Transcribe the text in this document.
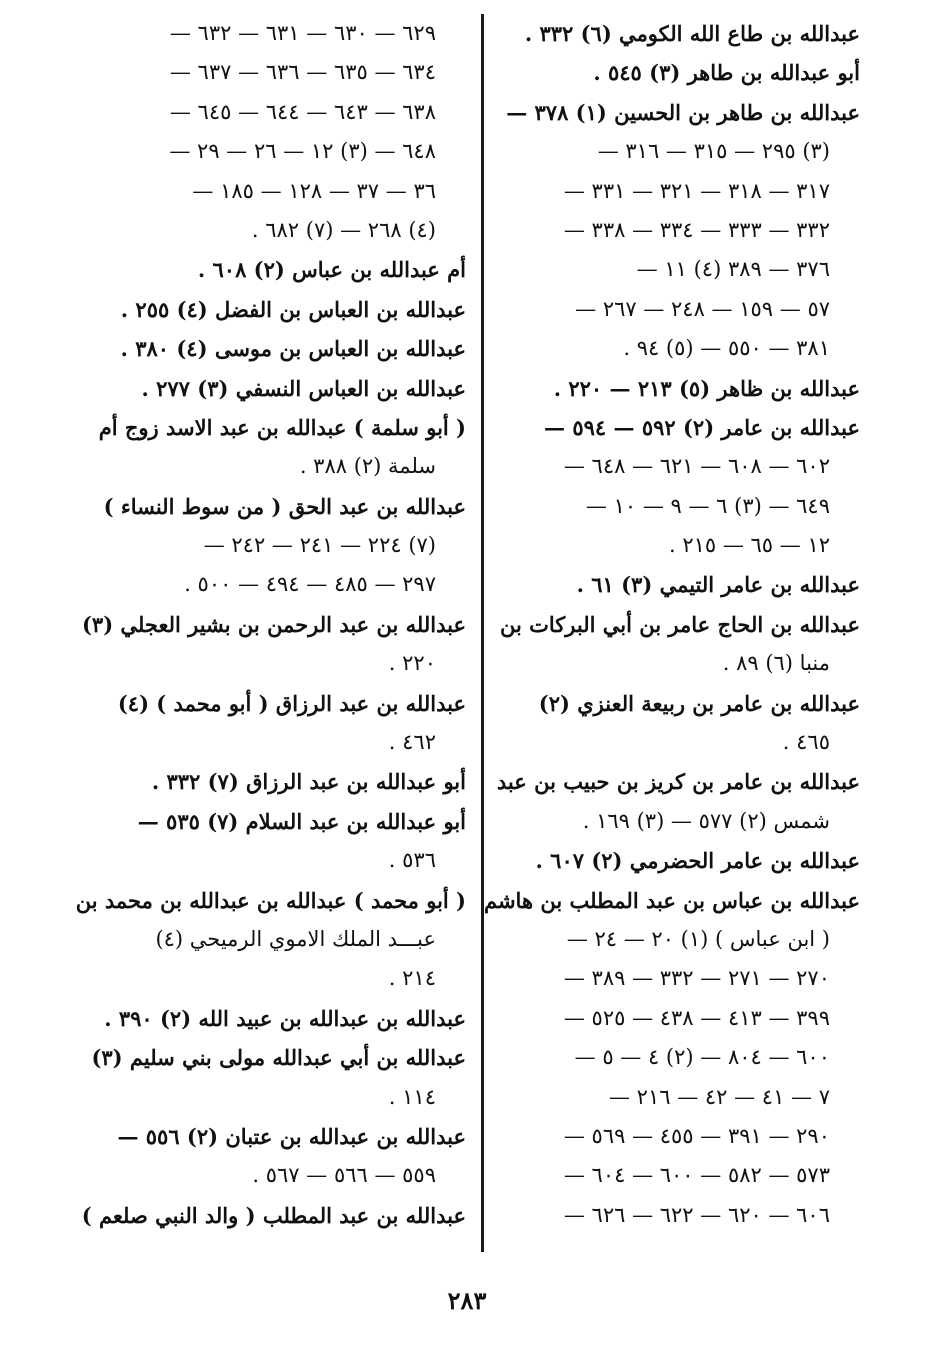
عبدالله بن طاع الله الكومي (٦) ٣٣٢ .
أبو عبدالله بن طاهر (٣) ٥٤٥ .
عبدالله بن طاهر بن الحسين (١) ٣٧٨ —
(٣) ٢٩٥ — ٣١٥ — ٣١٦ —
٣١٧ — ٣١٨ — ٣٢١ — ٣٣١ —
٣٣٢ — ٣٣٣ — ٣٣٤ — ٣٣٨ —
٣٧٦ — ٣٨٩ (٤) ١١ —
٥٧ — ١٥٩ — ٢٤٨ — ٢٦٧ —
٣٨١ — ٥٥٠ — (٥) ٩٤ .
عبدالله بن ظاهر (٥) ٢١٣ — ٢٢٠ .
عبدالله بن عامر (٢) ٥٩٢ — ٥٩٤ —
٦٠٢ — ٦٠٨ — ٦٢١ — ٦٤٨ —
٦٤٩ — (٣) ٦ — ٩ — ١٠ —
١٢ — ٦٥ — ٢١٥ .
عبدالله بن عامر التيمي (٣) ٦١ .
عبدالله بن الحاج عامر بن أبي البركات بن
منبا (٦) ٨٩ .
عبدالله بن عامر بن ربيعة العنزي (٢)
٤٦٥ .
عبدالله بن عامر بن كريز بن حبيب بن عبد
شمس (٢) ٥٧٧ — (٣) ١٦٩ .
عبدالله بن عامر الحضرمي (٢) ٦٠٧ .
عبدالله بن عباس بن عبد المطلب بن هاشم
( ابن عباس ) (١) ٢٠ — ٢٤ —
٢٧٠ — ٢٧١ — ٣٣٢ — ٣٨٩ —
٣٩٩ — ٤١٣ — ٤٣٨ — ٥٢٥ —
٦٠٠ — ٨٠٤ — (٢) ٤ — ٥ —
٧ — ٤١ — ٤٢ — ٢١٦ —
٢٩٠ — ٣٩١ — ٤٥٥ — ٥٦٩ —
٥٧٣ — ٥٨٢ — ٦٠٠ — ٦٠٤ —
٦٠٦ — ٦٢٠ — ٦٢٢ — ٦٢٦ —
٦٢٩ — ٦٣٠ — ٦٣١ — ٦٣٢ —
٦٣٤ — ٦٣٥ — ٦٣٦ — ٦٣٧ —
٦٣٨ — ٦٤٣ — ٦٤٤ — ٦٤٥ —
٦٤٨ — (٣) ١٢ — ٢٦ — ٢٩ —
٣٦ — ٣٧ — ١٢٨ — ١٨٥ —
(٤) ٢٦٨ — (٧) ٦٨٢ .
أم عبدالله بن عباس (٢) ٦٠٨ .
عبدالله بن العباس بن الفضل (٤) ٢٥٥ .
عبدالله بن العباس بن موسى (٤) ٣٨٠ .
عبدالله بن العباس النسفي (٣) ٢٧٧ .
( أبو سلمة ) عبدالله بن عبد الاسد زوج أم
سلمة (٢) ٣٨٨ .
عبدالله بن عبد الحق ( من سوط النساء )
(٧) ٢٢٤ — ٢٤١ — ٢٤٢ —
٢٩٧ — ٤٨٥ — ٤٩٤ — ٥٠٠ .
عبدالله بن عبد الرحمن بن بشير العجلي (٣)
٢٢٠ .
عبدالله بن عبد الرزاق ( أبو محمد ) (٤)
٤٦٢ .
أبو عبدالله بن عبد الرزاق (٧) ٣٣٢ .
أبو عبدالله بن عبد السلام (٧) ٥٣٥ —
٥٣٦ .
( أبو محمد ) عبدالله بن عبدالله بن محمد بن
عبـــد الملك الاموي الرميحي (٤)
٢١٤ .
عبدالله بن عبدالله بن عبيد الله (٢) ٣٩٠ .
عبدالله بن أبي عبدالله مولى بني سليم (٣)
١١٤ .
عبدالله بن عبدالله بن عتبان (٢) ٥٥٦ —
٥٥٩ — ٥٦٦ — ٥٦٧ .
عبدالله بن عبد المطلب ( والد النبي صلعم )
٢٨٣
